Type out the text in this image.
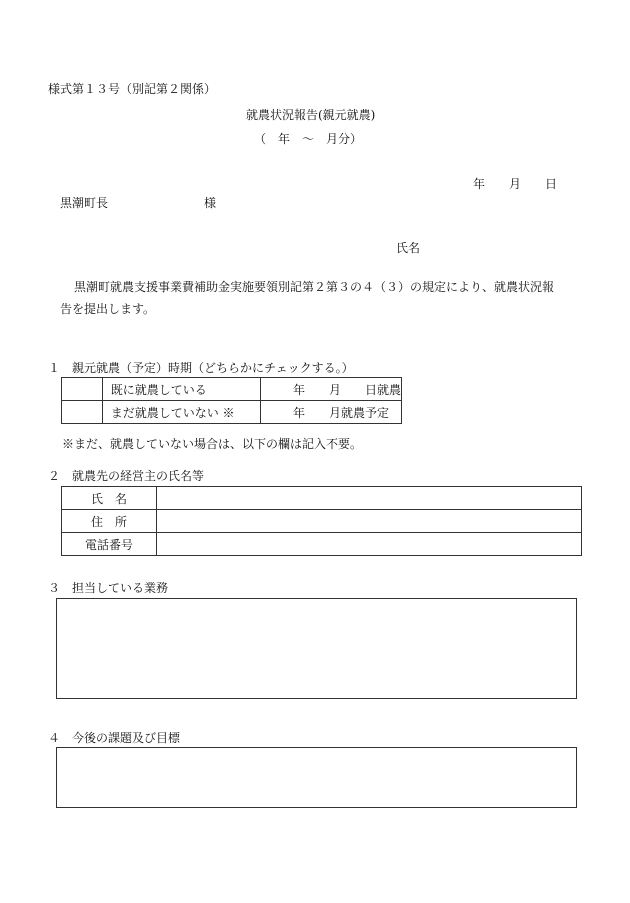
様式第１３号（別記第２関係）
就農状況報告(親元就農)
（　年　～　月分）
年　　月　　日
黒潮町長　　　　　　　　様
氏名
黒潮町就農支援事業費補助金実施要領別記第２第３の４（３）の規定により、就農状況報
告を提出します。
１　親元就農（予定）時期（どちらかにチェックする。）
	既に就農している	年　　月　　日就農
	まだ就農していない ※	年　　月就農予定
※まだ、就農していない場合は、以下の欄は記入不要。
２　就農先の経営主の氏名等
氏　名	
住　所	
電話番号	
３　担当している業務
４　今後の課題及び目標
